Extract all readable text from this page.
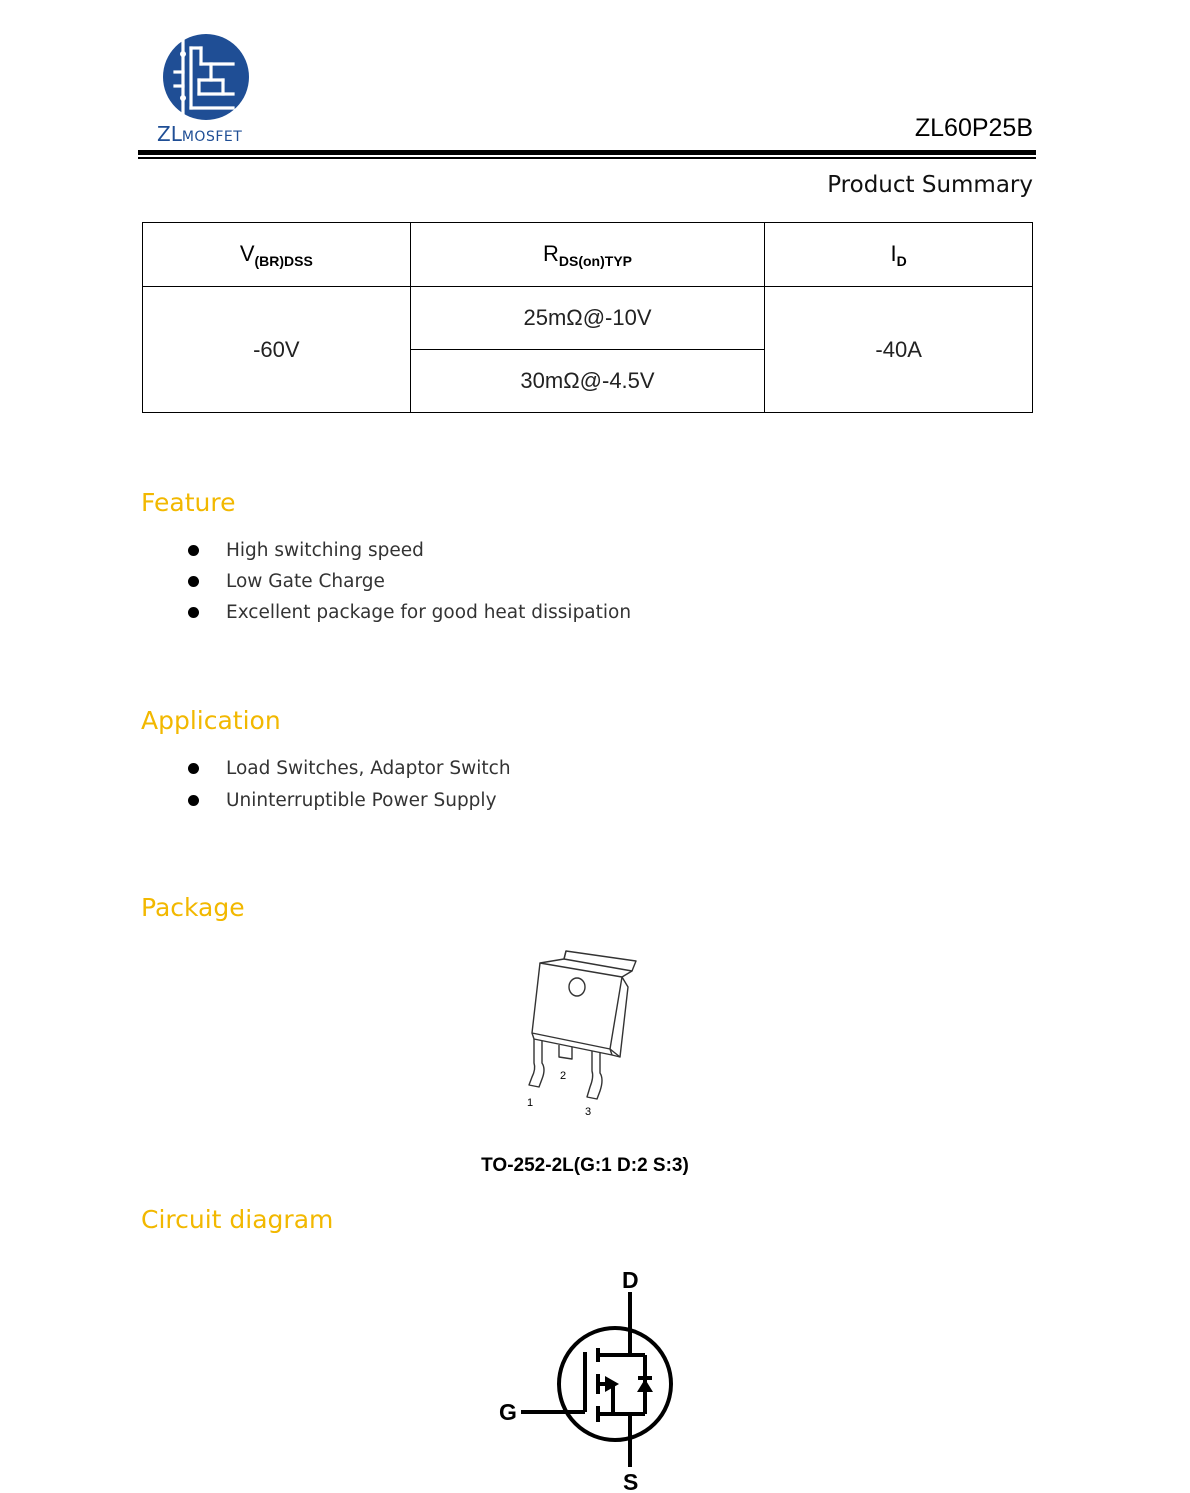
ZLMOSFET	ZL60P25B
Product Summary
$V_{(BR)DSS}$	$R_{DS(on)TYP}$	$I_D$
-60V	25mΩ@-10V	-40A
	30mΩ@-4.5V	
Feature
High switching speed
Low Gate Charge
Excellent package for good heat dissipation
Application
Load Switches, Adaptor Switch
Uninterruptible Power Supply
Package
1
2
3
TO-252-2L(G:1 D:2 S:3)
Circuit diagram
D
G
S
